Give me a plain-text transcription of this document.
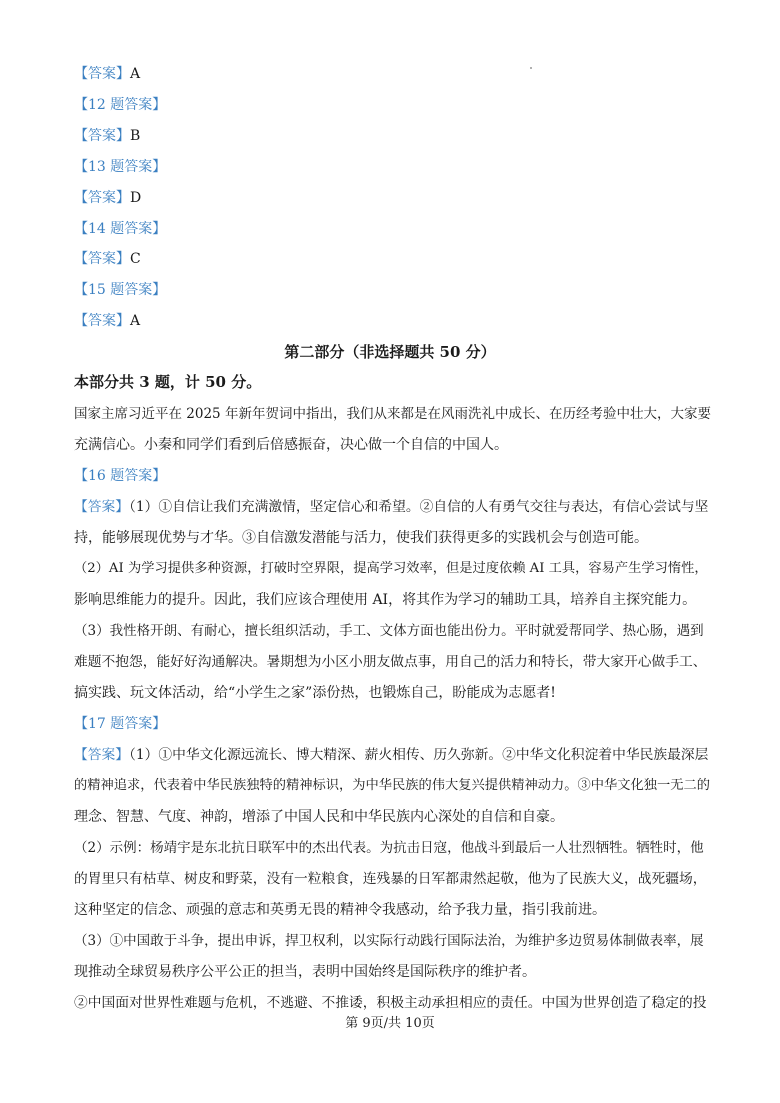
【答案】A
【12 题答案】
【答案】B
【13 题答案】
【答案】D
【14 题答案】
【答案】C
【15 题答案】
【答案】A
第二部分（非选择题共 50 分）
本部分共 3 题，计 50 分。
国家主席习近平在 2025 年新年贺词中指出，我们从来都是在风雨洗礼中成长、在历经考验中壮大，大家要
充满信心。小秦和同学们看到后倍感振奋，决心做一个自信的中国人。
【16 题答案】
【答案】（1）①自信让我们充满激情，坚定信心和希望。②自信的人有勇气交往与表达，有信心尝试与坚
持，能够展现优势与才华。③自信激发潜能与活力，使我们获得更多的实践机会与创造可能。
（2）AI 为学习提供多种资源，打破时空界限，提高学习效率，但是过度依赖 AI 工具，容易产生学习惰性，
影响思维能力的提升。因此，我们应该合理使用 AI，将其作为学习的辅助工具，培养自主探究能力。
（3）我性格开朗、有耐心，擅长组织活动，手工、文体方面也能出份力。平时就爱帮同学、热心肠，遇到
难题不抱怨，能好好沟通解决。暑期想为小区小朋友做点事，用自己的活力和特长，带大家开心做手工、
搞实践、玩文体活动，给“小学生之家”添份热，也锻炼自己，盼能成为志愿者!
【17 题答案】
【答案】（1）①中华文化源远流长、博大精深、薪火相传、历久弥新。②中华文化积淀着中华民族最深层
的精神追求，代表着中华民族独特的精神标识，为中华民族的伟大复兴提供精神动力。③中华文化独一无二的
理念、智慧、气度、神韵，增添了中国人民和中华民族内心深处的自信和自豪。
（2）示例：杨靖宇是东北抗日联军中的杰出代表。为抗击日寇，他战斗到最后一人壮烈牺牲。牺牲时，他
的胃里只有枯草、树皮和野菜，没有一粒粮食，连残暴的日军都肃然起敬，他为了民族大义，战死疆场，
这种坚定的信念、顽强的意志和英勇无畏的精神令我感动，给予我力量，指引我前进。
（3）①中国敢于斗争，提出申诉，捍卫权利，以实际行动践行国际法治，为维护多边贸易体制做表率，展
现推动全球贸易秩序公平公正的担当，表明中国始终是国际秩序的维护者。
②中国面对世界性难题与危机，不逃避、不推诿，积极主动承担相应的责任。中国为世界创造了稳定的投
第 9页/共 10页
